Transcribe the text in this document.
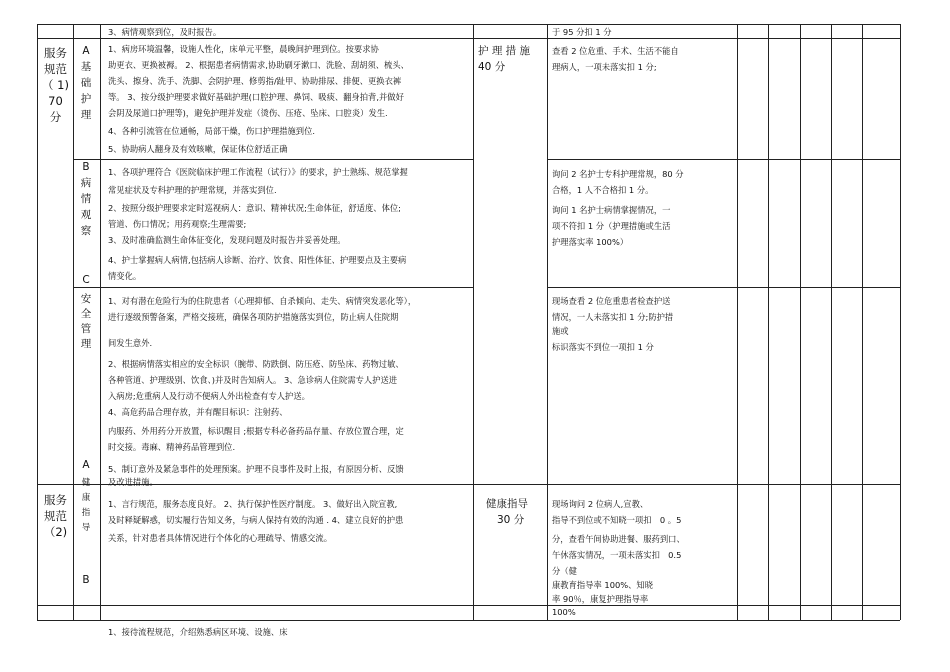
3、病情观察到位，及时报告。	于 95 分扣 1 分
服务
规范
（ 1)
70
分
A
基
础
护
理
1、病房环境温馨，设施人性化，床单元平整，晨晚间护理到位。按要求协
助更衣、更换被褥。 2、根据患者病情需求,协助刷牙漱口、洗脸、刮胡须、梳头、
洗头、擦身、洗手、洗脚、会阴护理、修剪指/趾甲、协助排尿、排便、更换衣裤
等。 3、按分级护理要求做好基础护理(口腔护理、鼻饲、吸痰、翻身拍背,并做好
会阴及尿道口护理等)，避免护理并发症（烫伤、压疮、坠床、口腔炎）发生.
4、各种引流管在位通畅，局部干燥，伤口护理措施到位.
5、协助病人翻身及有效咳嗽，保证体位舒适正确
护 理 措 施
40 分
查看 2 位危重、手术、生活不能自
理病人，一项未落实扣 1 分;
B
病
情
观
察
1、各项护理符合《医院临床护理工作流程（试行）》的要求，护士熟练、规范掌握
常见症状及专科护理的护理常规，并落实到位.
2、按照分级护理要求定时巡视病人：意识、精神状况;生命体征，舒适度、体位;
管道、伤口情况；用药观察;生理需要;
3、及时准确监测生命体征变化，发现问题及时报告并妥善处理。
4、护士掌握病人病情,包括病人诊断、治疗、饮食、阳性体征、护理要点及主要病
情变化。
询问 2 名护士专科护理常规，80 分
合格，1 人不合格扣 1 分。
询问 1 名护士病情掌握情况，一
项不符扣 1 分（护理措施或生活
护理落实率 100%）
C
安
全
管
理
1、对有潜在危险行为的住院患者（心理抑郁、自杀倾向、走失、病情突发恶化等），
进行逐级预警备案，严格交接班，确保各项防护措施落实到位，防止病人住院期
间发生意外.
2、根据病情落实相应的安全标识（腕带、防跌倒、防压疮、防坠床、药物过敏、
各种管道、护理级别、饮食、)并及时告知病人。 3、急诊病人住院需专人护送进
入病房;危重病人及行动不便病人外出检查有专人护送。
4、高危药品合理存放，并有醒目标识：注射药、
内服药、外用药分开放置，标识醒目 ;根据专科必备药品存量、存放位置合理，定
时交接。毒麻、精神药品管理到位.
5、制订意外及紧急事件的处理预案。护理不良事件及时上报，有原因分析、反馈
及改进措施。
现场查看 2 位危重患者检查护送
情况，一人未落实扣 1 分;防护措
施或
标识落实不到位一项扣 1 分
服务
规范
（2)
A
健
康
指
导
B
1、言行规范，服务态度良好。 2、执行保护性医疗制度。 3、做好出入院宣教,
及时释疑解惑，切实履行告知义务，与病人保持有效的沟通 . 4、建立良好的护患
关系，针对患者具体情况进行个体化的心理疏导、情感交流。
健康指导
30 分
现场询问 2 位病人,宣教、
指导不到位或不知晓一项扣　0 。5
分，查看午间协助进餐、服药到口、
午休落实情况，一项未落实扣　0.5
分（健
康教育指导率 100%、知晓
率 90％，康复护理指导率
100%
1、接待流程规范，介绍熟悉病区环境、设施、床
